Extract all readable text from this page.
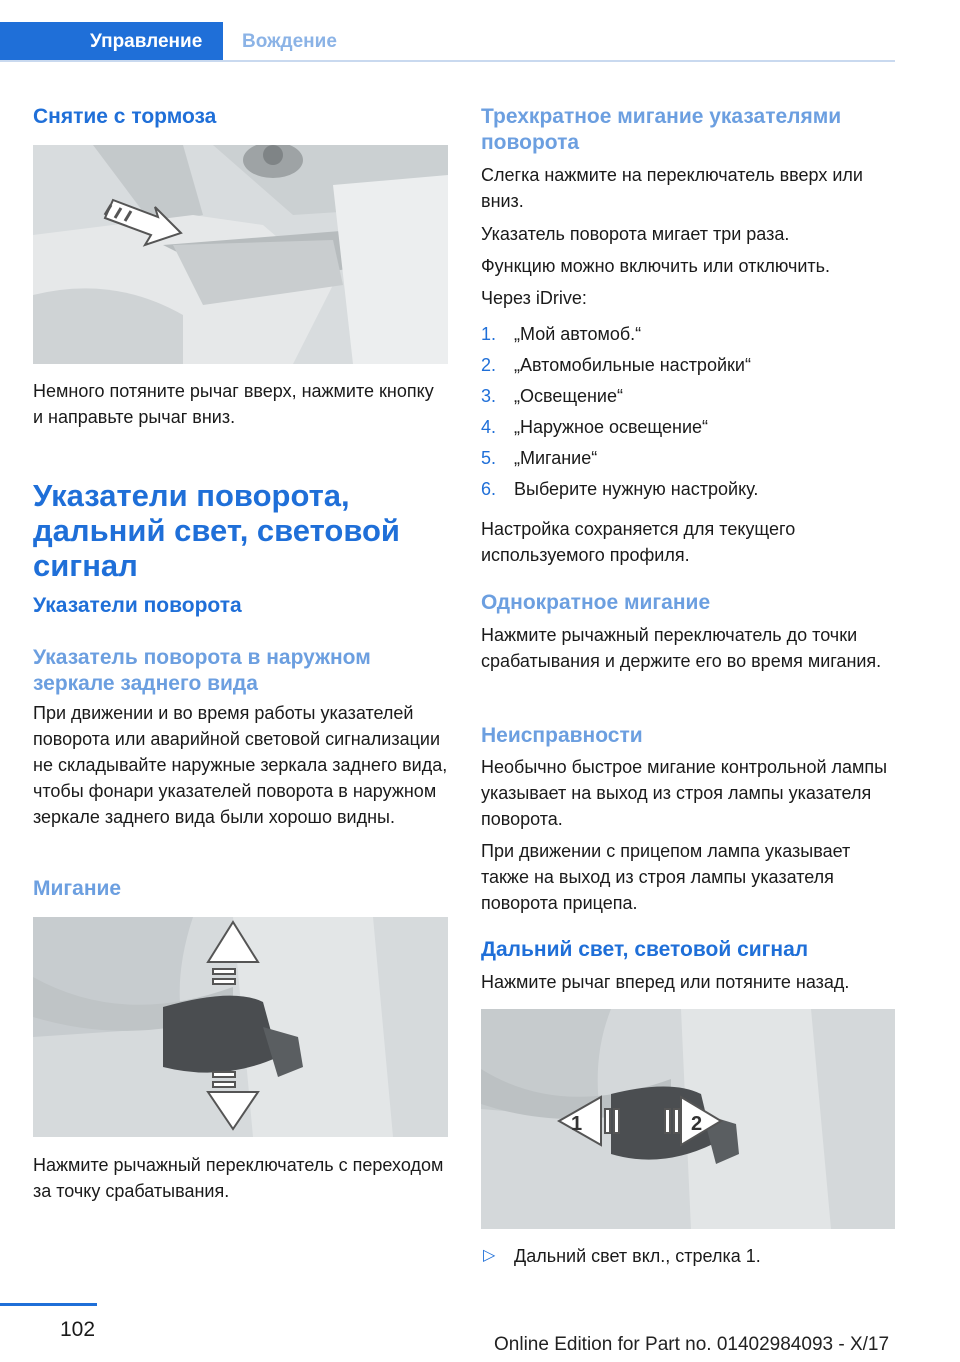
Управление	Вождение
Снятие с тормоза
Немного потяните рычаг вверх, нажмите кнопку и направьте рычаг вниз.
Указатели поворота, дальний свет, световой сигнал
Указатели поворота
Указатель поворота в наружном зеркале заднего вида
При движении и во время работы указателей поворота или аварийной световой сигнализации не складывайте наружные зеркала заднего вида, чтобы фонари указателей поворота в наружном зеркале заднего вида были хорошо видны.
Мигание
Нажмите рычажный переключатель с переходом за точку срабатывания.
Трехкратное мигание указателями поворота
Слегка нажмите на переключатель вверх или вниз.
Указатель поворота мигает три раза.
Функцию можно включить или отключить.
Через iDrive:
1. „Мой автомоб.“
2. „Автомобильные настройки“
3. „Освещение“
4. „Наружное освещение“
5. „Мигание“
6. Выберите нужную настройку.
Настройка сохраняется для текущего используемого профиля.
Однократное мигание
Нажмите рычажный переключатель до точки срабатывания и держите его во время мигания.
Неисправности
Необычно быстрое мигание контрольной лампы указывает на выход из строя лампы указателя поворота.
При движении с прицепом лампа указывает также на выход из строя лампы указателя поворота прицепа.
Дальний свет, световой сигнал
Нажмите рычаг вперед или потяните назад.
1	2
▷ Дальний свет вкл., стрелка 1.
102
Online Edition for Part no. 01402984093 - X/17
